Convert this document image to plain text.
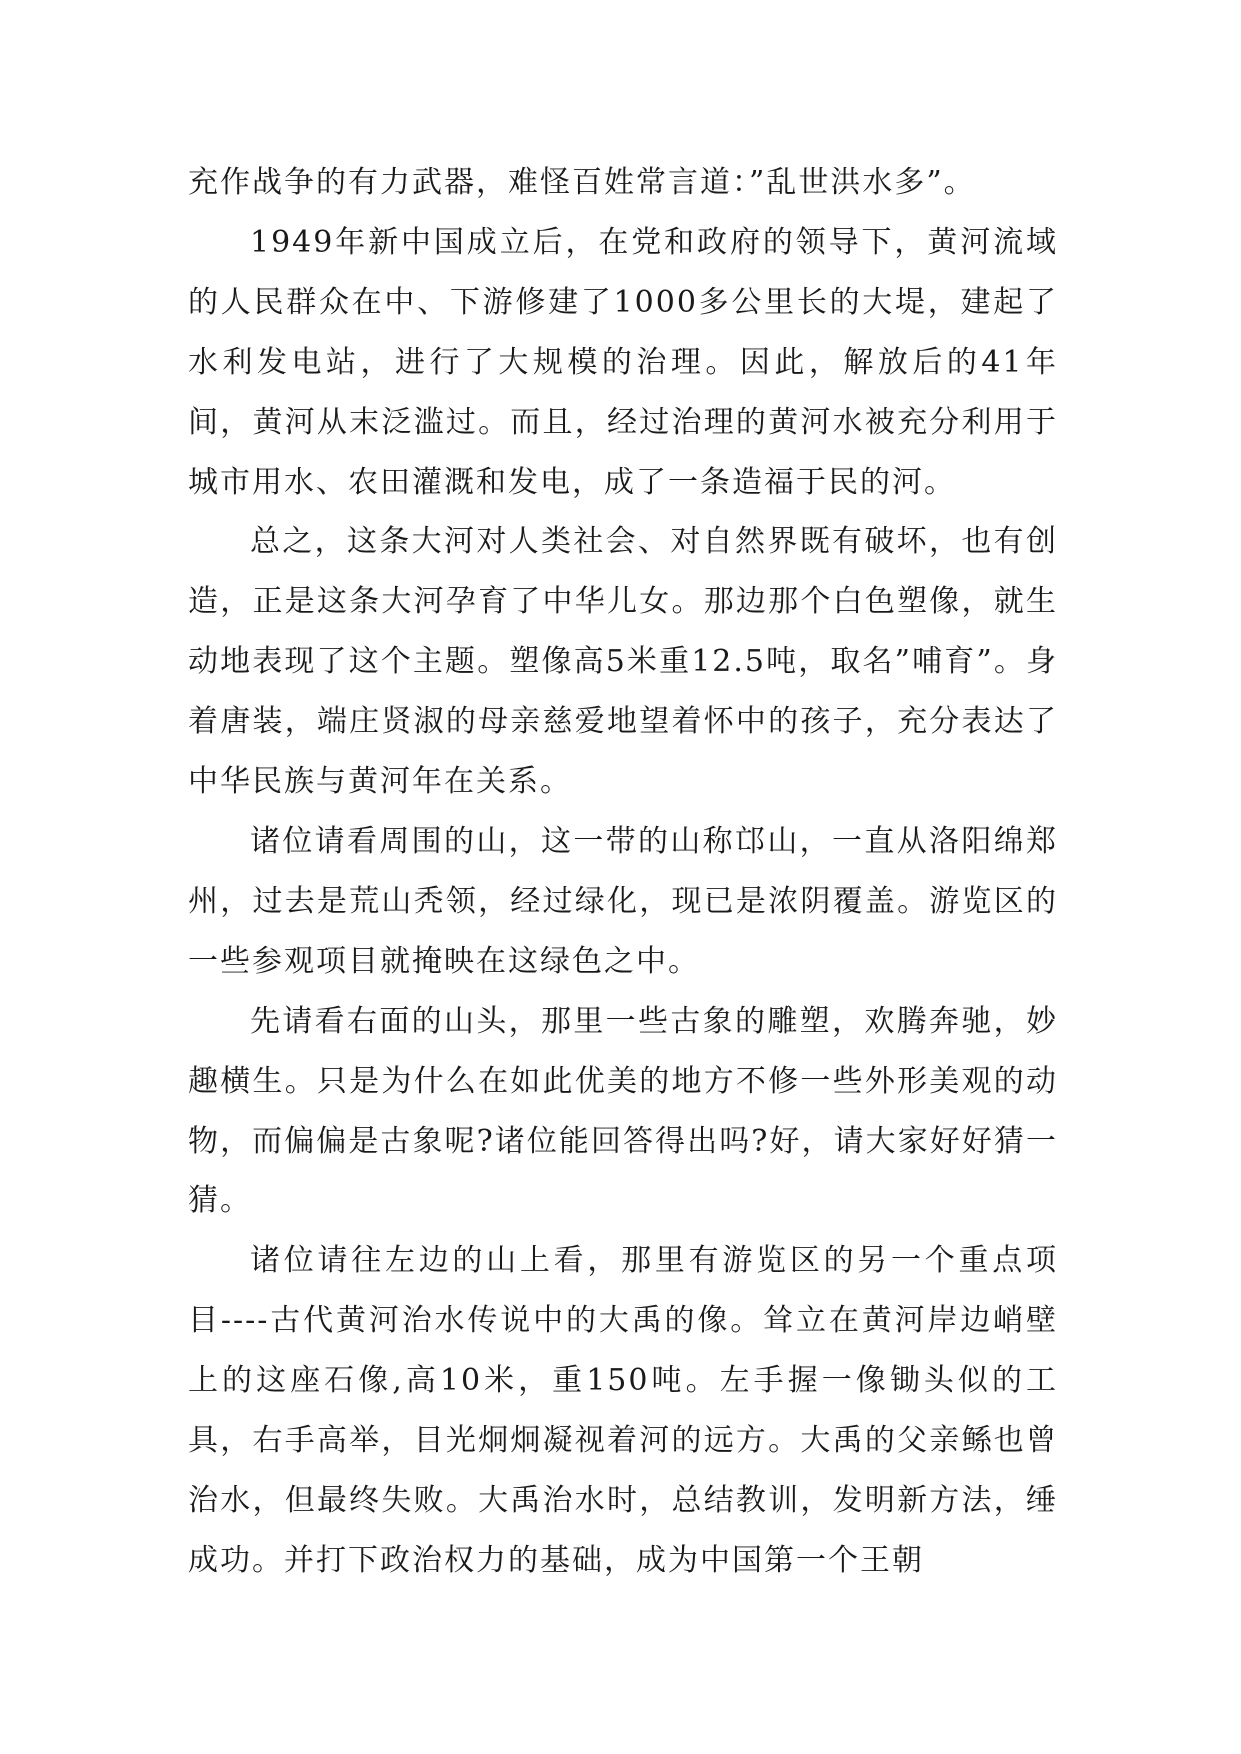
充作战争的有力武器，难怪百姓常言道：”乱世洪水多”。

1949年新中国成立后，在党和政府的领导下，黄河流域的人民群众在中、下游修建了1000多公里长的大堤，建起了水利发电站，进行了大规模的治理。因此，解放后的41年间，黄河从末泛滥过。而且，经过治理的黄河水被充分利用于城市用水、农田灌溉和发电，成了一条造福于民的河。

总之，这条大河对人类社会、对自然界既有破坏，也有创造，正是这条大河孕育了中华儿女。那边那个白色塑像，就生动地表现了这个主题。塑像高5米重12.5吨，取名”哺育”。身着唐装，端庄贤淑的母亲慈爱地望着怀中的孩子，充分表达了中华民族与黄河年在关系。

诸位请看周围的山，这一带的山称邙山，一直从洛阳绵郑州，过去是荒山秃领，经过绿化，现已是浓阴覆盖。游览区的一些参观项目就掩映在这绿色之中。

先请看右面的山头，那里一些古象的雕塑，欢腾奔驰，妙趣横生。只是为什么在如此优美的地方不修一些外形美观的动物，而偏偏是古象呢?诸位能回答得出吗?好，请大家好好猜一猜。

诸位请往左边的山上看，那里有游览区的另一个重点项目----古代黄河治水传说中的大禹的像。耸立在黄河岸边峭壁上的这座石像,高10米，重150吨。左手握一像锄头似的工具，右手高举，目光炯炯凝视着河的远方。大禹的父亲鲧也曾治水，但最终失败。大禹治水时，总结教训，发明新方法，缍成功。并打下政治权力的基础，成为中国第一个王朝
